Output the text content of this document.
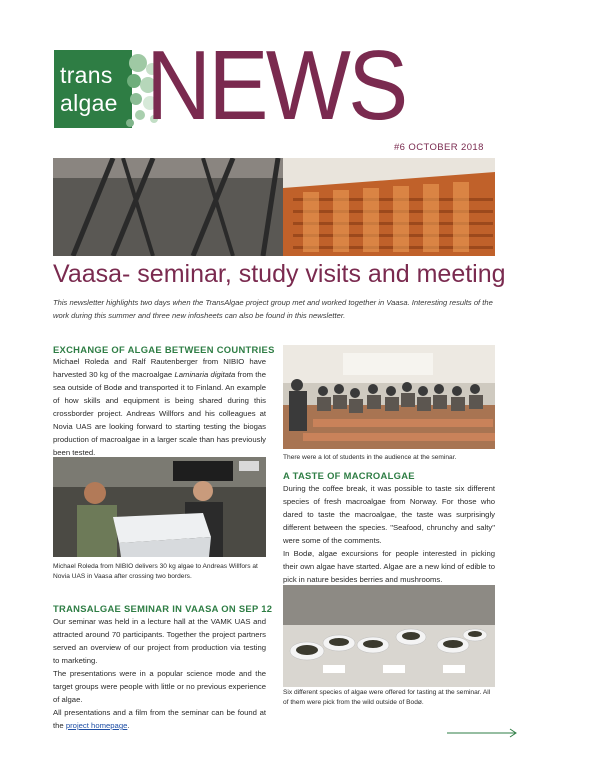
trans
algae NEWS
#6 OCTOBER 2018
Vaasa- seminar, study visits and meeting
This newsletter highlights two days when the TransAlgae project group met and worked together in Vaasa. Interesting results of the work during this summer and three new infosheets can also be found in this newsletter.
EXCHANGE OF ALGAE BETWEEN COUNTRIES
Michael Roleda and Ralf Rautenberger from NIBIO have harvested 30 kg of the macroalgae Laminaria digitata from the sea outside of Bodø and transported it to Finland. An example of how skills and equipment is being shared during this crossborder project. Andreas Willfors and his colleagues at Novia UAS are looking forward to starting testing the biogas production of macroalgae in a larger scale than has previously been tested.
Michael Roleda from NIBIO delivers 30 kg algae to Andreas Willfors at Novia UAS in Vaasa after crossing two borders.
TRANSALGAE SEMINAR IN VAASA ON SEP 12

Our seminar was held in a lecture hall at the VAMK UAS and attracted around 70 participants. Together the project partners served an overview of our project from production via testing to marketing.

The presentations were in a popular science mode and the target groups were people with little or no previous experience of algae.

All presentations and a film from the seminar can be found at the project homepage.

There were a lot of students in the audience at the seminar.
A TASTE OF MACROALGAE

During the coffee break, it was possible to taste six different species of fresh macroalgae from Norway. For those who dared to taste the macroalgae, the taste was surprisingly different between the species. "Seafood, chrunchy and salty" were some of the comments.

In Bodø, algae excursions for people interested in picking their own algae have started. Algae are a new kind of edible to pick in nature besides berries and mushrooms.

Six different species of algae were offered for tasting at the seminar. All of them were pick from the wild outside of Bodø.
